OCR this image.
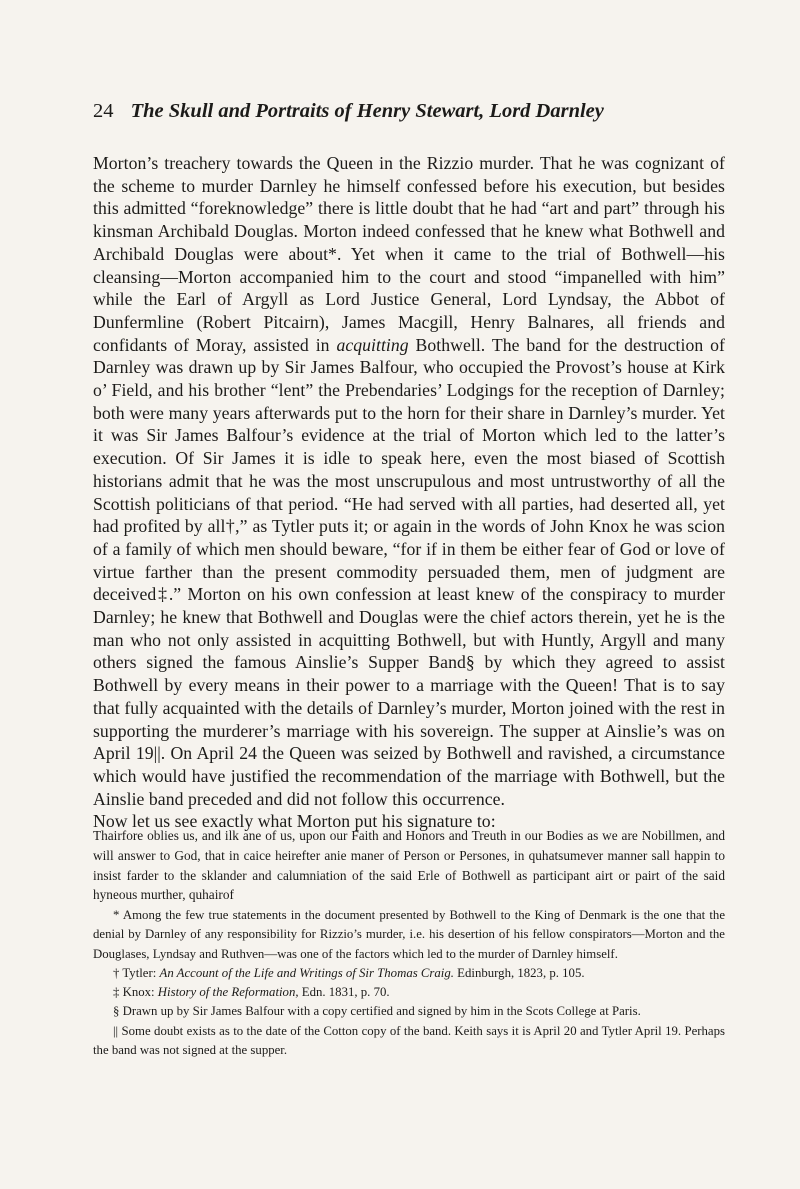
24 The Skull and Portraits of Henry Stewart, Lord Darnley

Morton’s treachery towards the Queen in the Rizzio murder. That he was cognizant of the scheme to murder Darnley he himself confessed before his execution, but besides this admitted “foreknowledge” there is little doubt that he had “art and part” through his kinsman Archibald Douglas. Morton indeed confessed that he knew what Bothwell and Archibald Douglas were about*. Yet when it came to the trial of Bothwell—his cleansing—Morton accompanied him to the court and stood “impanelled with him” while the Earl of Argyll as Lord Justice General, Lord Lyndsay, the Abbot of Dunfermline (Robert Pitcairn), James Macgill, Henry Balnares, all friends and confidants of Moray, assisted in acquitting Bothwell. The band for the destruction of Darnley was drawn up by Sir James Balfour, who occupied the Provost’s house at Kirk o’ Field, and his brother “lent” the Prebendaries’ Lodgings for the reception of Darnley; both were many years afterwards put to the horn for their share in Darnley’s murder. Yet it was Sir James Balfour’s evidence at the trial of Morton which led to the latter’s execution. Of Sir James it is idle to speak here, even the most biased of Scottish historians admit that he was the most unscrupulous and most untrustworthy of all the Scottish politicians of that period. “He had served with all parties, had deserted all, yet had profited by all†,” as Tytler puts it; or again in the words of John Knox he was scion of a family of which men should beware, “for if in them be either fear of God or love of virtue farther than the present commodity persuaded them, men of judgment are deceived‡.” Morton on his own confession at least knew of the conspiracy to murder Darnley; he knew that Bothwell and Douglas were the chief actors therein, yet he is the man who not only assisted in acquitting Bothwell, but with Huntly, Argyll and many others signed the famous Ainslie’s Supper Band§ by which they agreed to assist Bothwell by every means in their power to a marriage with the Queen! That is to say that fully acquainted with the details of Darnley’s murder, Morton joined with the rest in supporting the murderer’s marriage with his sovereign. The supper at Ainslie’s was on April 19||. On April 24 the Queen was seized by Bothwell and ravished, a circumstance which would have justified the recommendation of the marriage with Bothwell, but the Ainslie band preceded and did not follow this occurrence.

Now let us see exactly what Morton put his signature to:

Thairfore oblies us, and ilk ane of us, upon our Faith and Honors and Treuth in our Bodies as we are Nobillmen, and will answer to God, that in caice heirefter anie maner of Person or Persones, in quhatsumever manner sall happin to insist farder to the sklander and calumniation of the said Erle of Bothwell as participant airt or pairt of the said hyneous murther, quhairof

* Among the few true statements in the document presented by Bothwell to the King of Denmark is the one that the denial by Darnley of any responsibility for Rizzio’s murder, i.e. his desertion of his fellow conspirators—Morton and the Douglases, Lyndsay and Ruthven—was one of the factors which led to the murder of Darnley himself.

† Tytler: An Account of the Life and Writings of Sir Thomas Craig. Edinburgh, 1823, p. 105.

‡ Knox: History of the Reformation, Edn. 1831, p. 70.

§ Drawn up by Sir James Balfour with a copy certified and signed by him in the Scots College at Paris.

|| Some doubt exists as to the date of the Cotton copy of the band. Keith says it is April 20 and Tytler April 19. Perhaps the band was not signed at the supper.
